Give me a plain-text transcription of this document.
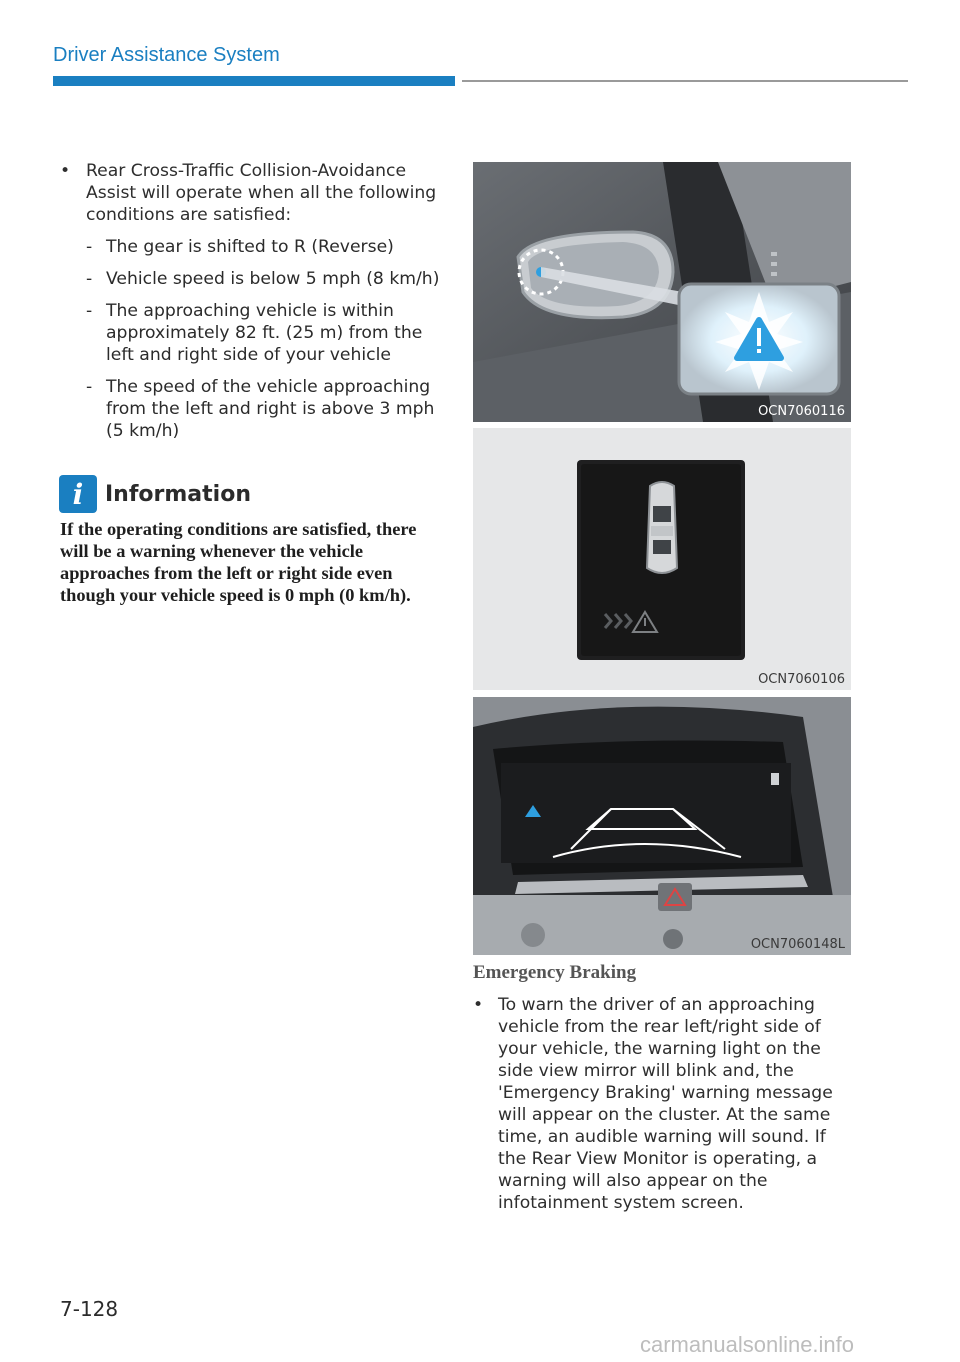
Driver Assistance System
• Rear Cross-Traffic Collision-Avoidance Assist will operate when all the following conditions are satisfied:
- The gear is shifted to R (Reverse)
- Vehicle speed is below 5 mph (8 km/h)
- The approaching vehicle is within approximately 82 ft. (25 m) from the left and right side of your vehicle
- The speed of the vehicle approaching from the left and right is above 3 mph (5 km/h)
i Information
If the operating conditions are satisfied, there will be a warning whenever the vehicle approaches from the left or right side even though your vehicle speed is 0 mph (0 km/h).
OCN7060116
OCN7060106
OCN7060148L
Emergency Braking
• To warn the driver of an approaching vehicle from the rear left/right side of your vehicle, the warning light on the side view mirror will blink and, the 'Emergency Braking' warning message will appear on the cluster. At the same time, an audible warning will sound. If the Rear View Monitor is operating, a warning will also appear on the infotainment system screen.
7-128
carmanualsonline.info
